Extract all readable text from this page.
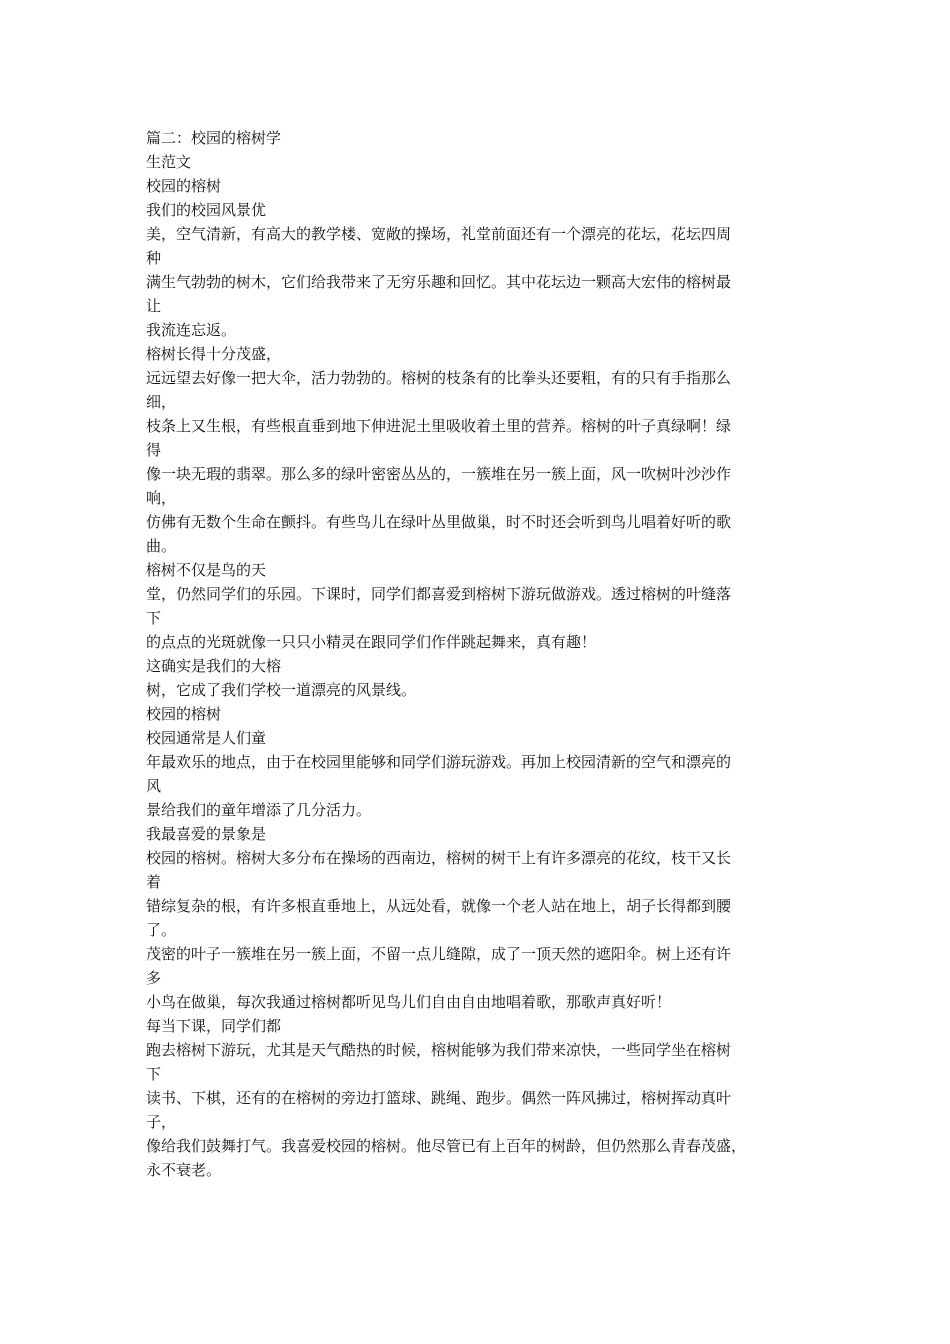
篇二：校园的榕树学
生范文
校园的榕树
我们的校园风景优
美，空气清新，有高大的教学楼、宽敞的操场，礼堂前面还有一个漂亮的花坛，花坛四周
种
满生气勃勃的树木，它们给我带来了无穷乐趣和回忆。其中花坛边一颗高大宏伟的榕树最
让
我流连忘返。
榕树长得十分茂盛，
远远望去好像一把大伞，活力勃勃的。榕树的枝条有的比拳头还要粗，有的只有手指那么
细，
枝条上又生根，有些根直垂到地下伸进泥土里吸收着土里的营养。榕树的叶子真绿啊！绿
得
像一块无瑕的翡翠。那么多的绿叶密密丛丛的，一簇堆在另一簇上面，风一吹树叶沙沙作
响，
仿佛有无数个生命在颤抖。有些鸟儿在绿叶丛里做巢，时不时还会听到鸟儿唱着好听的歌
曲。
榕树不仅是鸟的天
堂，仍然同学们的乐园。下课时，同学们都喜爱到榕树下游玩做游戏。透过榕树的叶缝落
下
的点点的光斑就像一只只小精灵在跟同学们作伴跳起舞来，真有趣！
这确实是我们的大榕
树，它成了我们学校一道漂亮的风景线。
校园的榕树
校园通常是人们童
年最欢乐的地点，由于在校园里能够和同学们游玩游戏。再加上校园清新的空气和漂亮的
风
景给我们的童年增添了几分活力。
我最喜爱的景象是
校园的榕树。榕树大多分布在操场的西南边，榕树的树干上有许多漂亮的花纹，枝干又长
着
错综复杂的根，有许多根直垂地上，从远处看，就像一个老人站在地上，胡子长得都到腰
了。
茂密的叶子一簇堆在另一簇上面，不留一点儿缝隙，成了一顶天然的遮阳伞。树上还有许
多
小鸟在做巢，每次我通过榕树都听见鸟儿们自由自由地唱着歌，那歌声真好听！
每当下课，同学们都
跑去榕树下游玩，尤其是天气酷热的时候，榕树能够为我们带来凉快，一些同学坐在榕树
下
读书、下棋，还有的在榕树的旁边打篮球、跳绳、跑步。偶然一阵风拂过，榕树挥动真叶
子，
像给我们鼓舞打气。我喜爱校园的榕树。他尽管已有上百年的树龄，但仍然那么青春茂盛，
永不衰老。
